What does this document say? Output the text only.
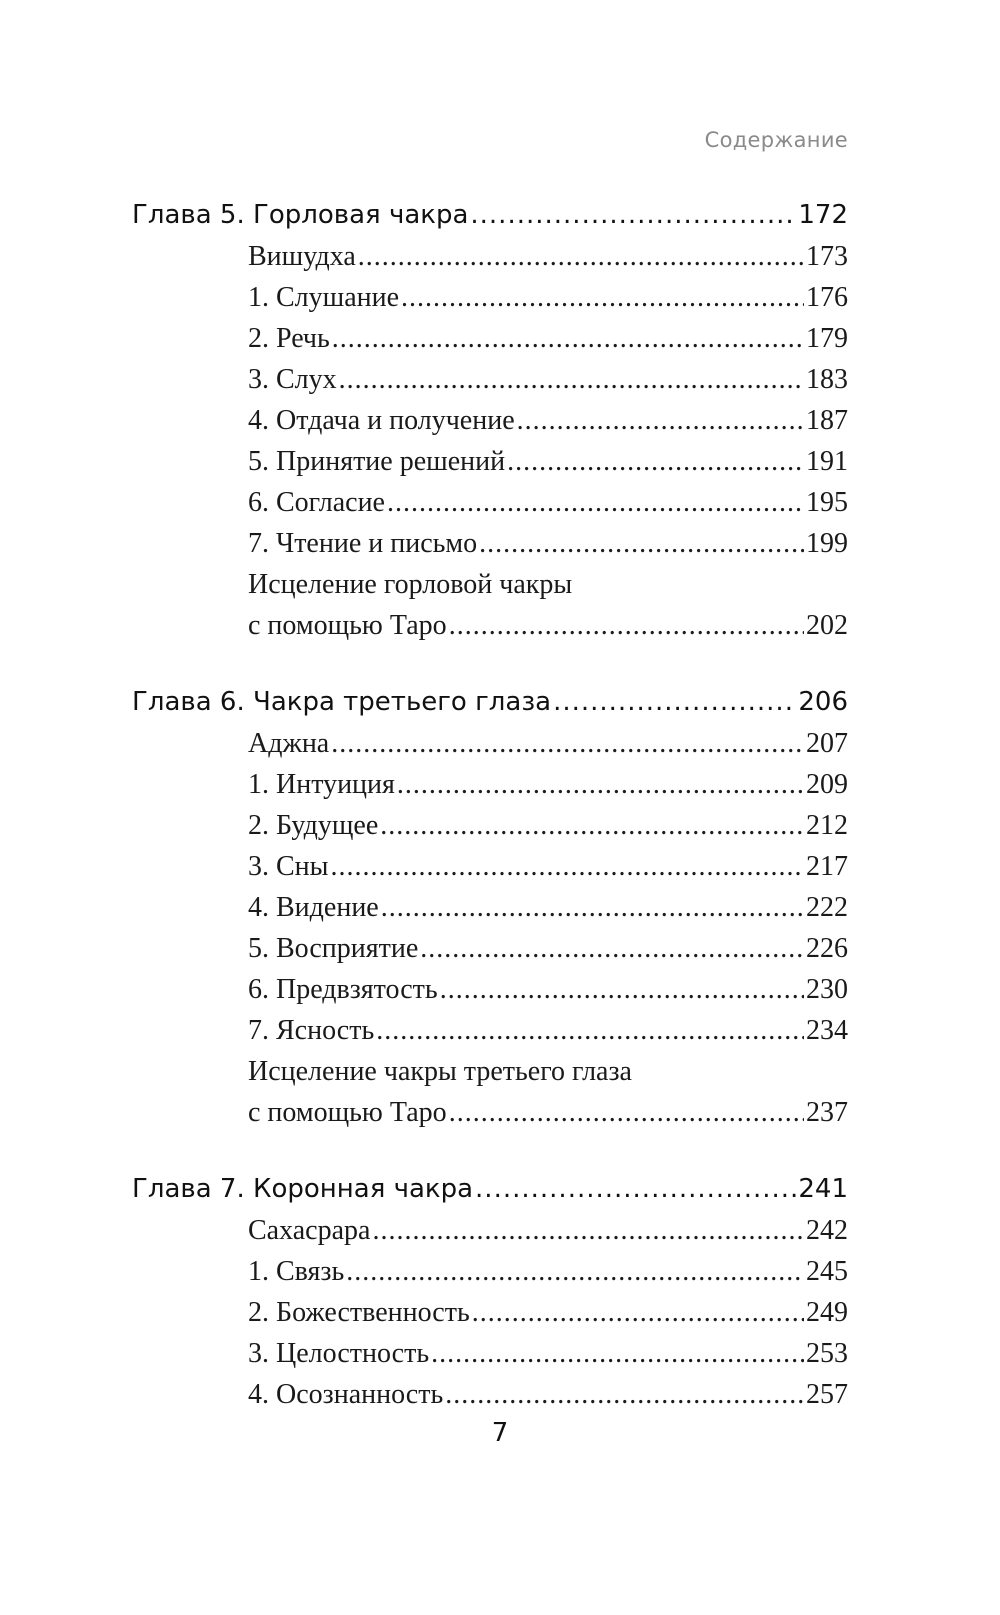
Содержание
Глава 5. Горловая чакра .....	172
Вишудха .....	173
1. Слушание .....	176
2. Речь .....	179
3. Слух .....	183
4. Отдача и получение .....	187
5. Принятие решений .....	191
6. Согласие .....	195
7. Чтение и письмо .....	199
Исцеление горловой чакры
с помощью Таро .....	202
Глава 6. Чакра третьего глаза .....	206
Аджна .....	207
1. Интуиция .....	209
2. Будущее .....	212
3. Сны .....	217
4. Видение .....	222
5. Восприятие .....	226
6. Предвзятость .....	230
7. Ясность .....	234
Исцеление чакры третьего глаза
с помощью Таро .....	237
Глава 7. Коронная чакра .....	241
Сахасрара .....	242
1. Связь .....	245
2. Божественность .....	249
3. Целостность .....	253
4. Осознанность .....	257
7
